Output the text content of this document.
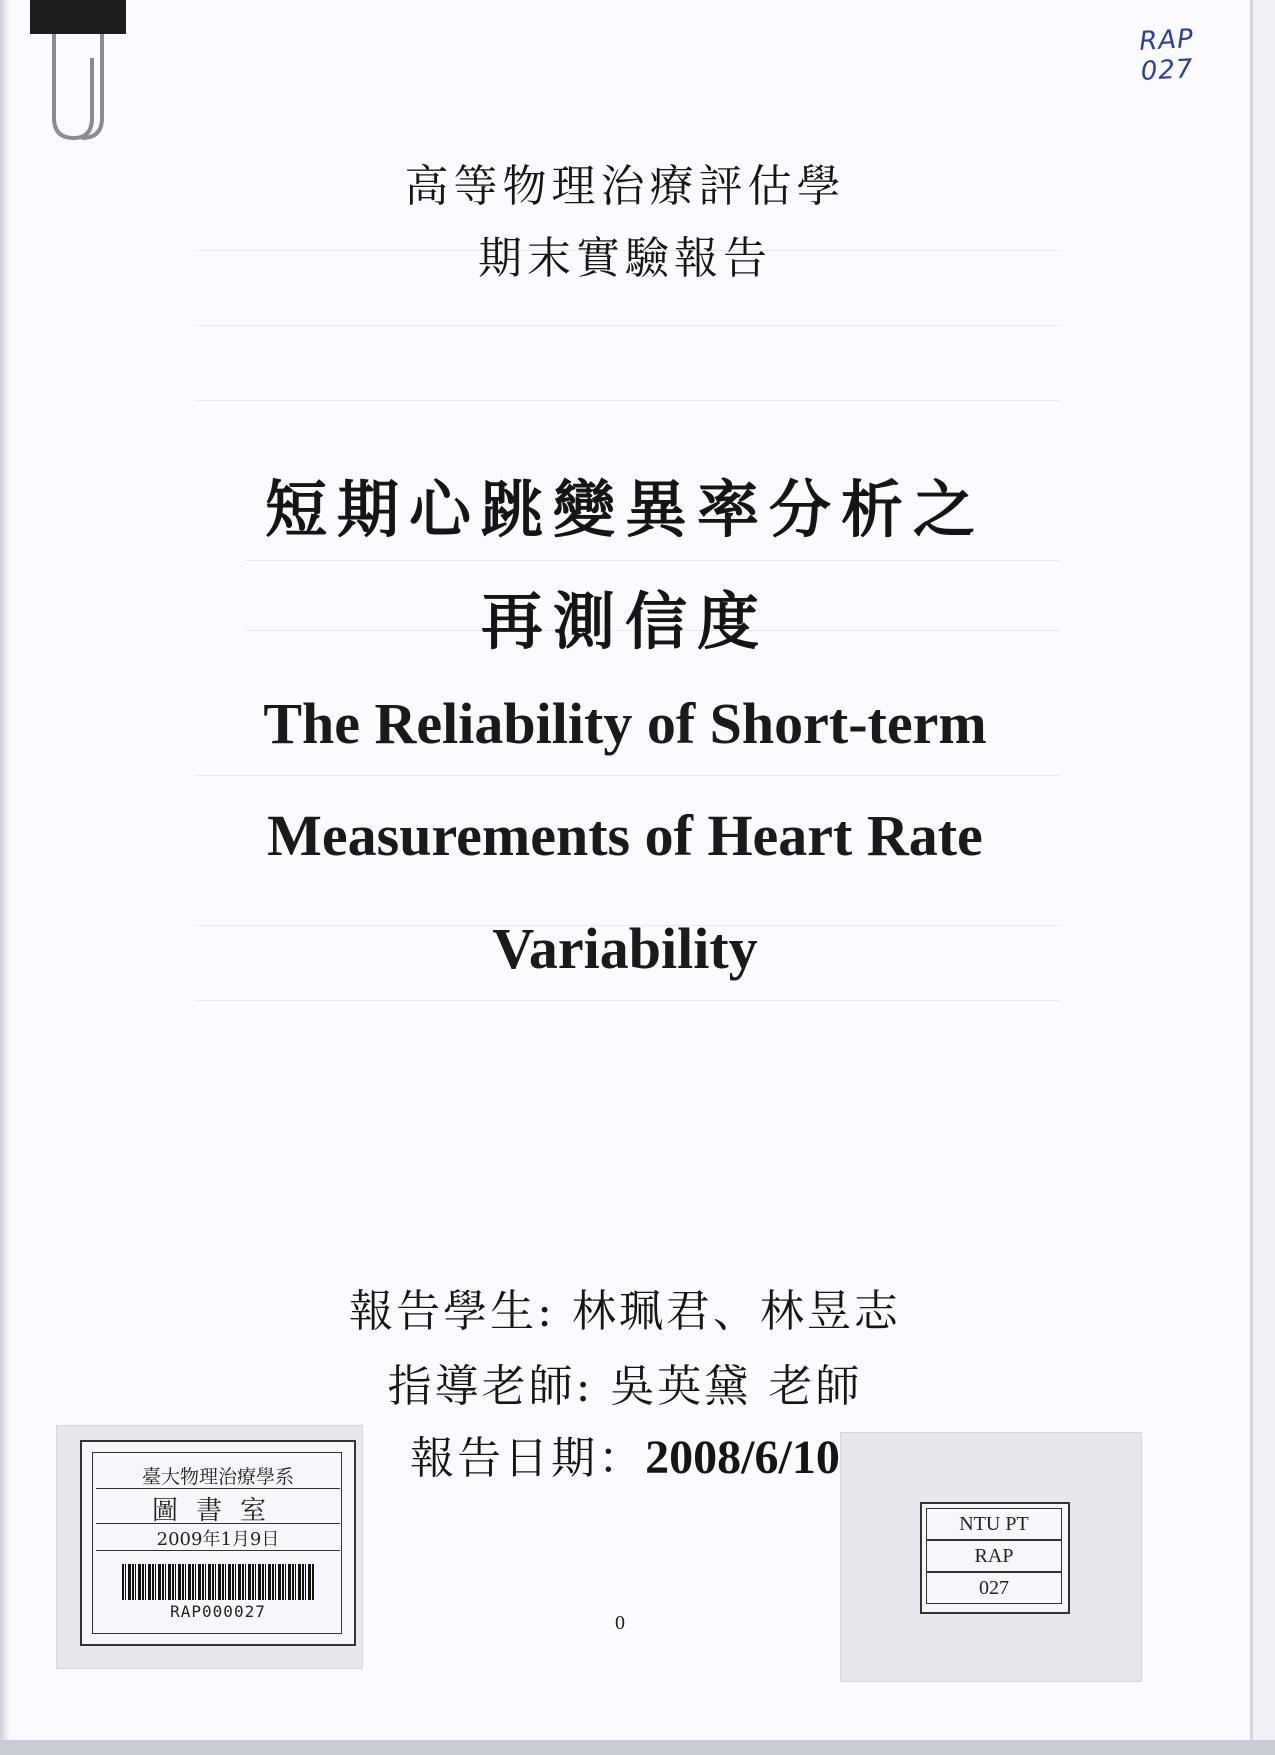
RAP 027
高等物理治療評估學
期末實驗報告
短期心跳變異率分析之
再測信度
The Reliability of Short-term
Measurements of Heart Rate
Variability
報告學生: 林珮君、林昱志
指導老師: 吳英黛 老師
報告日期：2008/6/10
0
臺大物理治療學系
圖書室
2009年1月9日
RAP000027
NTU PT
RAP
027
